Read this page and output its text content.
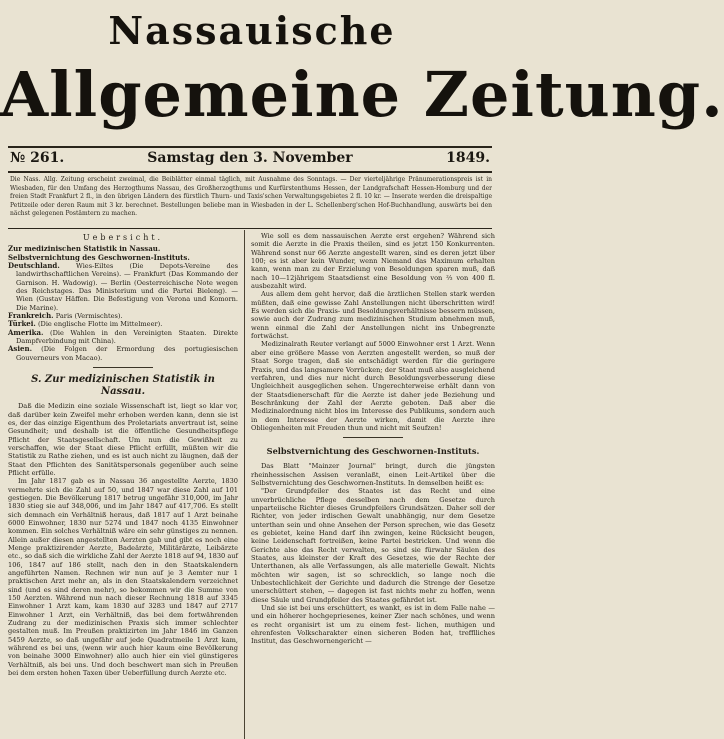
Nassauische
Allgemeine Zeitung.
№ 261.	Samstag den 3. November	1849.
Die Nass. Allg. Zeitung erscheint zweimal, die Beiblätter einmal täglich, mit Ausnahme des Sonntags. — Der vierteljährige Pränumerationspreis ist in Wiesbaden, für den Umfang des Herzogthums Nassau, des Großherzogthums und Kurfürstenthums Hessen, der Landgrafschaft Hessen-Homburg und der freien Stadt Frankfurt 2 fl., in den übrigen Ländern des fürstlich Thurn- und Taxis'schen Verwaltungsgebietes 2 fl. 10 kr. — Inserate werden die dreispaltige Petitzeile oder deren Raum mit 3 kr. berechnet. Bestellungen beliebe man in Wiesbaden in der L. Schellenberg'schen Hof-Buchhandlung, auswärts bei den nächst gelegenen Postämtern zu machen.
Uebersicht.

Zur medizinischen Statistik in Nassau.

Selbstvernichtung des Geschwornen-Instituts.

Deutschland. Wies-Eiltes (Die Depots-Vereine des landwirthschaftlichen Vereins). — Frankfurt (Das Kommando der Garnison. H. Wadowig). — Berlin (Oesterreichische Note wegen des Reichstages. Das Ministerium und die Partei Bieleng). — Wien (Gustav Häffen. Die Befestigung von Verona und Komorn. Die Marine).

Frankreich. Paris (Vermischtes).

Türkei. (Die englische Flotte im Mittelmeer).

Amerika. (Die Wahlen in den Vereinigten Staaten. Direkte Dampfverbindung mit China).

Asien. (Die Folgen der Ermordung des portugiesischen Gouverneurs von Macao).

S. Zur medizinischen Statistik in Nassau.

Daß die Medizin eine soziale Wissenschaft ist, liegt so klar vor, daß darüber kein Zweifel mehr erhoben werden kann, denn sie ist es, der das einzige Eigenthum des Proletariats anvertraut ist, seine Gesundheit; und deshalb ist die öffentliche Gesundheitspflege Pflicht der Staatsgesellschaft. Um nun die Gewißheit zu verschaffen, wie der Staat diese Pflicht erfüllt, müßten wir die Statistik zu Rathe ziehen, und es ist auch nicht zu läugnen, daß der Staat den Pflichten des Sanitätspersonals gegenüber auch seine Pflicht erfülle.

Im Jahr 1817 gab es in Nassau 36 angestellte Aerzte, 1830 vermehrte sich die Zahl auf 50, und 1847 war diese Zahl auf 101 gestiegen. Die Bevölkerung 1817 betrug ungefähr 310,000, im Jahr 1830 stieg sie auf 348,006, und im Jahr 1847 auf 417,706. Es stellt sich demnach ein Verhältniß heraus, daß 1817 auf 1 Arzt beinahe 6000 Einwohner, 1830 nur 5274 und 1847 noch 4135 Einwohner kommen. Ein solches Verhältniß wäre ein sehr günstiges zu nennen. Allein außer diesen angestellten Aerzten gab und gibt es noch eine Menge praktizirender Aerzte, Badeärzte, Militärärzte, Leibärzte etc., so daß sich die wirkliche Zahl der Aerzte 1818 auf 94, 1830 auf 106, 1847 auf 186 stellt, nach den in den Staatskalendern angeführten Namen. Rechnen wir nun auf je 3 Aemter nur 1 praktischen Arzt mehr an, als in den Staatskalendern verzeichnet sind (und es sind deren mehr), so bekommen wir die Summe von 150 Aerzten. Während nun nach dieser Rechnung 1818 auf 3345 Einwohner 1 Arzt kam, kam 1830 auf 3283 und 1847 auf 2717 Einwohner 1 Arzt, ein Verhältniß, das bei dem fortwährenden Zudrang zu der medizinischen Praxis sich immer schlechter gestalten muß. Im Preußen praktizirten im Jahr 1846 im Ganzen 5459 Aerzte, so daß ungefähr auf jede Quadratmeile 1 Arzt kam, während es bei uns, (wenn wir auch hier kaum eine Bevölkerung von beinahe 3000 Einwohner) allo auch hier ein viel günstigeres Verhältniß, als bei uns. Und doch beschwert man sich in Preußen bei dem ersten hohen Taxen über Ueberfüllung durch Aerzte etc.

Wie soll es dem nassauischen Aerzte erst ergehen? Während sich somit die Aerzte in die Praxis theilen, sind es jetzt 150 Konkurrenten. Während sonst nur 66 Aerzte angestellt waren, sind es deren jetzt über 100; es ist aber kein Wunder, wenn Niemand das Maximum erhalten kann, wenn man zu der Erzielung von Besoldungen sparen muß, daß nach 10—12jährigem Staatsdienst eine Besoldung von ⅔ von 400 fl. ausbezahlt wird.

Aus allem dem geht hervor, daß die ärztlichen Stellen stark werden müßten, daß eine gewisse Zahl Anstellungen nicht überschritten wird! Es werden sich die Praxis- und Besoldungsverhältnisse bessern müssen, sowie auch der Zudrang zum medizinischen Studium abnehmen muß, wenn einmal die Zahl der Anstellungen nicht ins Unbegrenzte fortwächst.

Medizinalrath Reuter verlangt auf 5000 Einwohner erst 1 Arzt. Wenn aber eine größere Masse von Aerzten angestellt werden, so muß der Staat Sorge tragen, daß sie entschädigt werden für die geringere Praxis, und das langsamere Vorrücken; der Staat muß also ausgleichend verfahren, und dies nur nicht durch Besoldungsverbesserung diese Ungleichheit ausgeglichen sehen. Ungerechterweise erhält dann von der Staatsdienerschaft für die Aerzte ist daher jede Beziehung und Beschränkung der Zahl der Aerzte geboten. Daß aber die Medizinalordnung nicht blos im Interesse des Publikums, sondern auch in dem Interesse der Aerzte wirken, damit die Aerzte ihre Obliegenheiten mit Freuden thun und nicht mit Seufzen!

Selbstvernichtung des Geschwornen-Instituts.

Das Blatt "Mainzer Journal" bringt, durch die jüngsten rheinhessischen Assisen veranlaßt, einen Leit-Artikel über die Selbstvernichtung des Geschwornen-Instituts. In demselben heißt es:

"Der Grundpfeiler des Staates ist das Recht und eine unverbrüchliche Pflege desselben nach dem Gesetze durch unparteiische Richter dieses Grundpfeilers Grundsätzen. Daher soll der Richter, von jeder irdischen Gewalt unabhängig, nur dem Gesetze unterthan sein und ohne Ansehen der Person sprechen, wie das Gesetz es gebietet, keine Hand darf ihn zwingen, keine Rücksicht beugen, keine Leidenschaft fortreißen, keine Partei bestricken. Und wenn die Gerichte also das Recht verwalten, so sind sie fürwahr Säulen des Staates, aus kleinster der Kraft des Gesetzes, wie der Rechte der Unterthanen, als alle Verfassungen, als alle materielle Gewalt. Nichts möchten wir sagen, ist so schrecklich, so lange noch die Unbestechlichkeit der Gerichte und dadurch die Strenge der Gesetze unerschüttert stehen, — dagegen ist fast nichts mehr zu hoffen, wenn diese Säule und Grundpfeiler des Staates gefährdet ist.

Und sie ist bei uns erschüttert, es wankt, es ist in dem Falle nahe — und ein höherer hochgepriesenes, keiner Zier nach schönes, und wenn es recht organisirt ist um zu einem fest- lichen, muthigen und ehrenfesten Volkscharakter einen sicheren Boden hat, trefflliches Institut, das Geschwornengericht —
